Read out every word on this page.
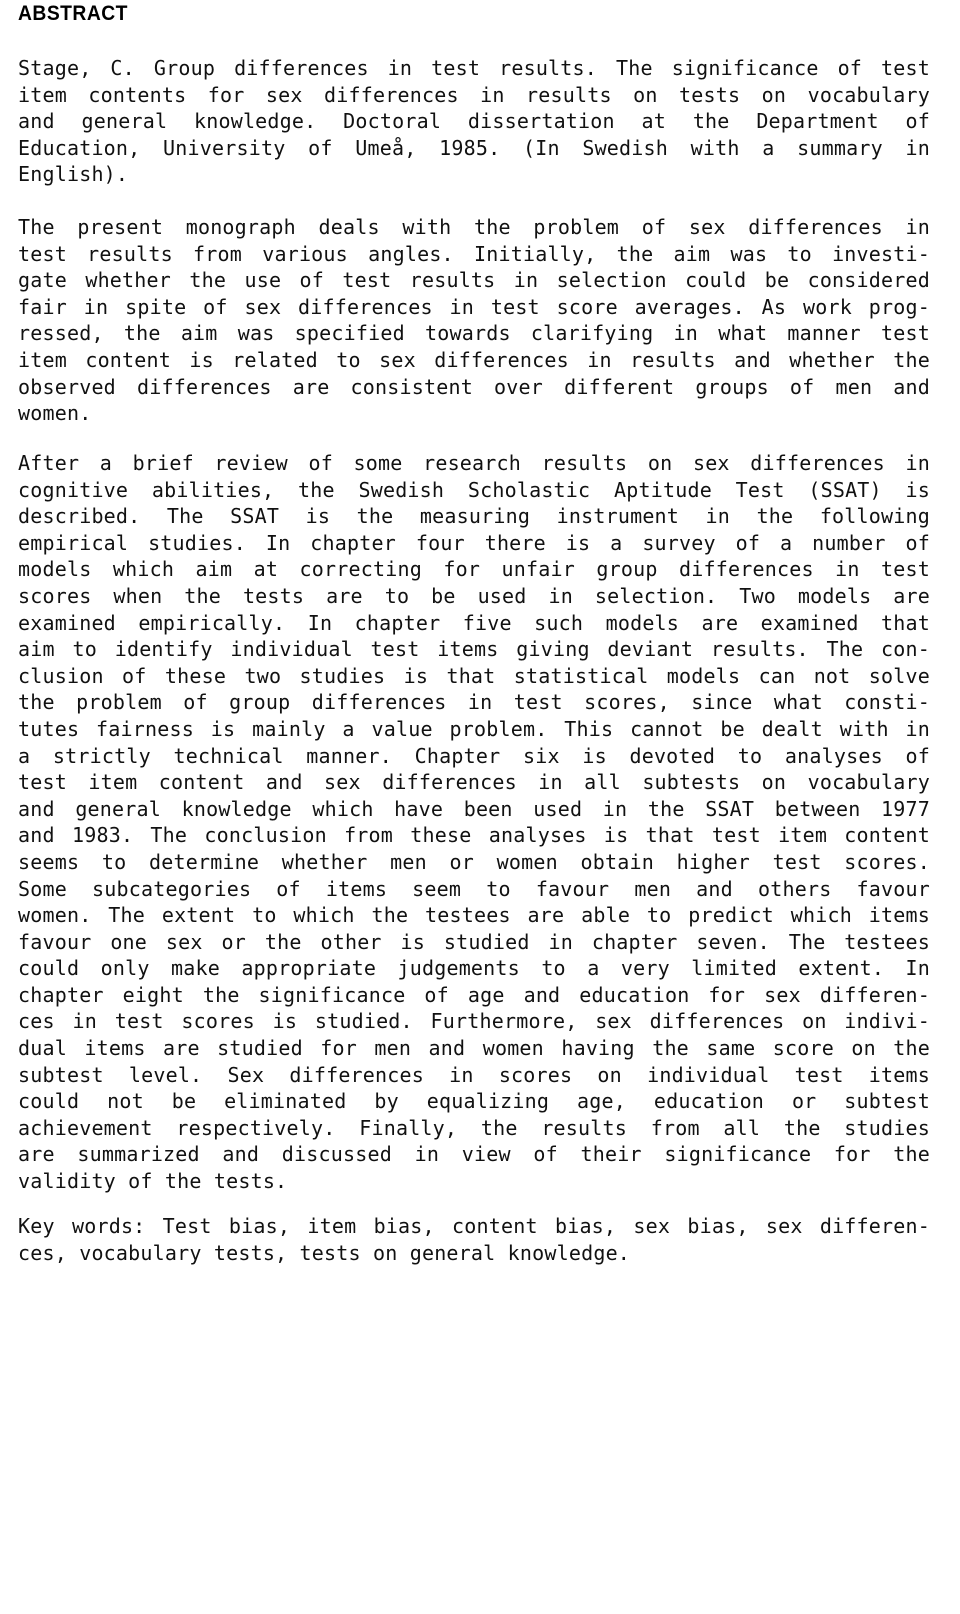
ABSTRACT
Stage, C. Group differences in test results. The significance of test
item contents for sex differences in results on tests on vocabulary
and general knowledge. Doctoral dissertation at the Department of
Education, University of Umeå, 1985. (In Swedish with a summary in
English).
The present monograph deals with the problem of sex differences in
test results from various angles. Initially, the aim was to investi-
gate whether the use of test results in selection could be considered
fair in spite of sex differences in test score averages. As work prog-
ressed, the aim was specified towards clarifying in what manner test
item content is related to sex differences in results and whether the
observed differences are consistent over different groups of men and
women.
After a brief review of some research results on sex differences in
cognitive abilities, the Swedish Scholastic Aptitude Test (SSAT) is
described. The SSAT is the measuring instrument in the following
empirical studies. In chapter four there is a survey of a number of
models which aim at correcting for unfair group differences in test
scores when the tests are to be used in selection. Two models are
examined empirically. In chapter five such models are examined that
aim to identify individual test items giving deviant results. The con-
clusion of these two studies is that statistical models can not solve
the problem of group differences in test scores, since what consti-
tutes fairness is mainly a value problem. This cannot be dealt with in
a strictly technical manner. Chapter six is devoted to analyses of
test item content and sex differences in all subtests on vocabulary
and general knowledge which have been used in the SSAT between 1977
and 1983. The conclusion from these analyses is that test item content
seems to determine whether men or women obtain higher test scores.
Some subcategories of items seem to favour men and others favour
women. The extent to which the testees are able to predict which items
favour one sex or the other is studied in chapter seven. The testees
could only make appropriate judgements to a very limited extent. In
chapter eight the significance of age and education for sex differen-
ces in test scores is studied. Furthermore, sex differences on indivi-
dual items are studied for men and women having the same score on the
subtest level. Sex differences in scores on individual test items
could not be eliminated by equalizing age, education or subtest
achievement respectively. Finally, the results from all the studies
are summarized and discussed in view of their significance for the
validity of the tests.
Key words: Test bias, item bias, content bias, sex bias, sex differen-
ces, vocabulary tests, tests on general knowledge.
